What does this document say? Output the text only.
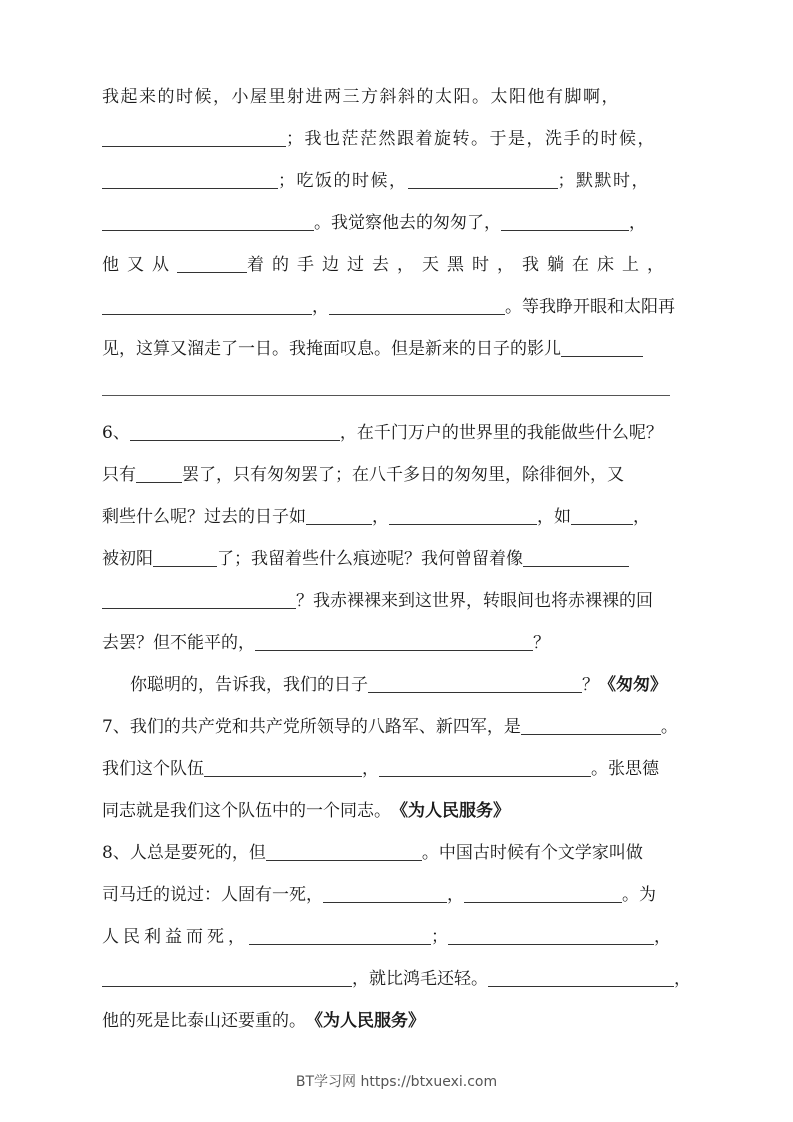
我起来的时候，小屋里射进两三方斜斜的太阳。太阳他有脚啊，
；我也茫茫然跟着旋转。于是，洗手的时候，
；吃饭的时候，	；默默时，
。我觉察他去的匆匆了，	，
他又从	着的手边过去，天黑时，我躺在床上，
，	。等我睁开眼和太阳再
见，这算又溜走了一日。我掩面叹息。但是新来的日子的影儿
6、	，在千门万户的世界里的我能做些什么呢？
只有	罢了，只有匆匆罢了；在八千多日的匆匆里，除徘徊外，又
剩些什么呢？过去的日子如	，	，如	，
被初阳	了；我留着些什么痕迹呢？我何曾留着像
？我赤裸裸来到这世界，转眼间也将赤裸裸的回
去罢？但不能平的，	？
你聪明的，告诉我，我们的日子	？《匆匆》
7、我们的共产党和共产党所领导的八路军、新四军，是	。
我们这个队伍	，	。张思德
同志就是我们这个队伍中的一个同志。《为人民服务》
8、人总是要死的，但	。中国古时候有个文学家叫做
司马迁的说过：人固有一死，	，	。为
人民利益而死，	；	，
，就比鸿毛还轻。	，
他的死是比泰山还要重的。《为人民服务》
BT学习网 https://btxuexi.com
